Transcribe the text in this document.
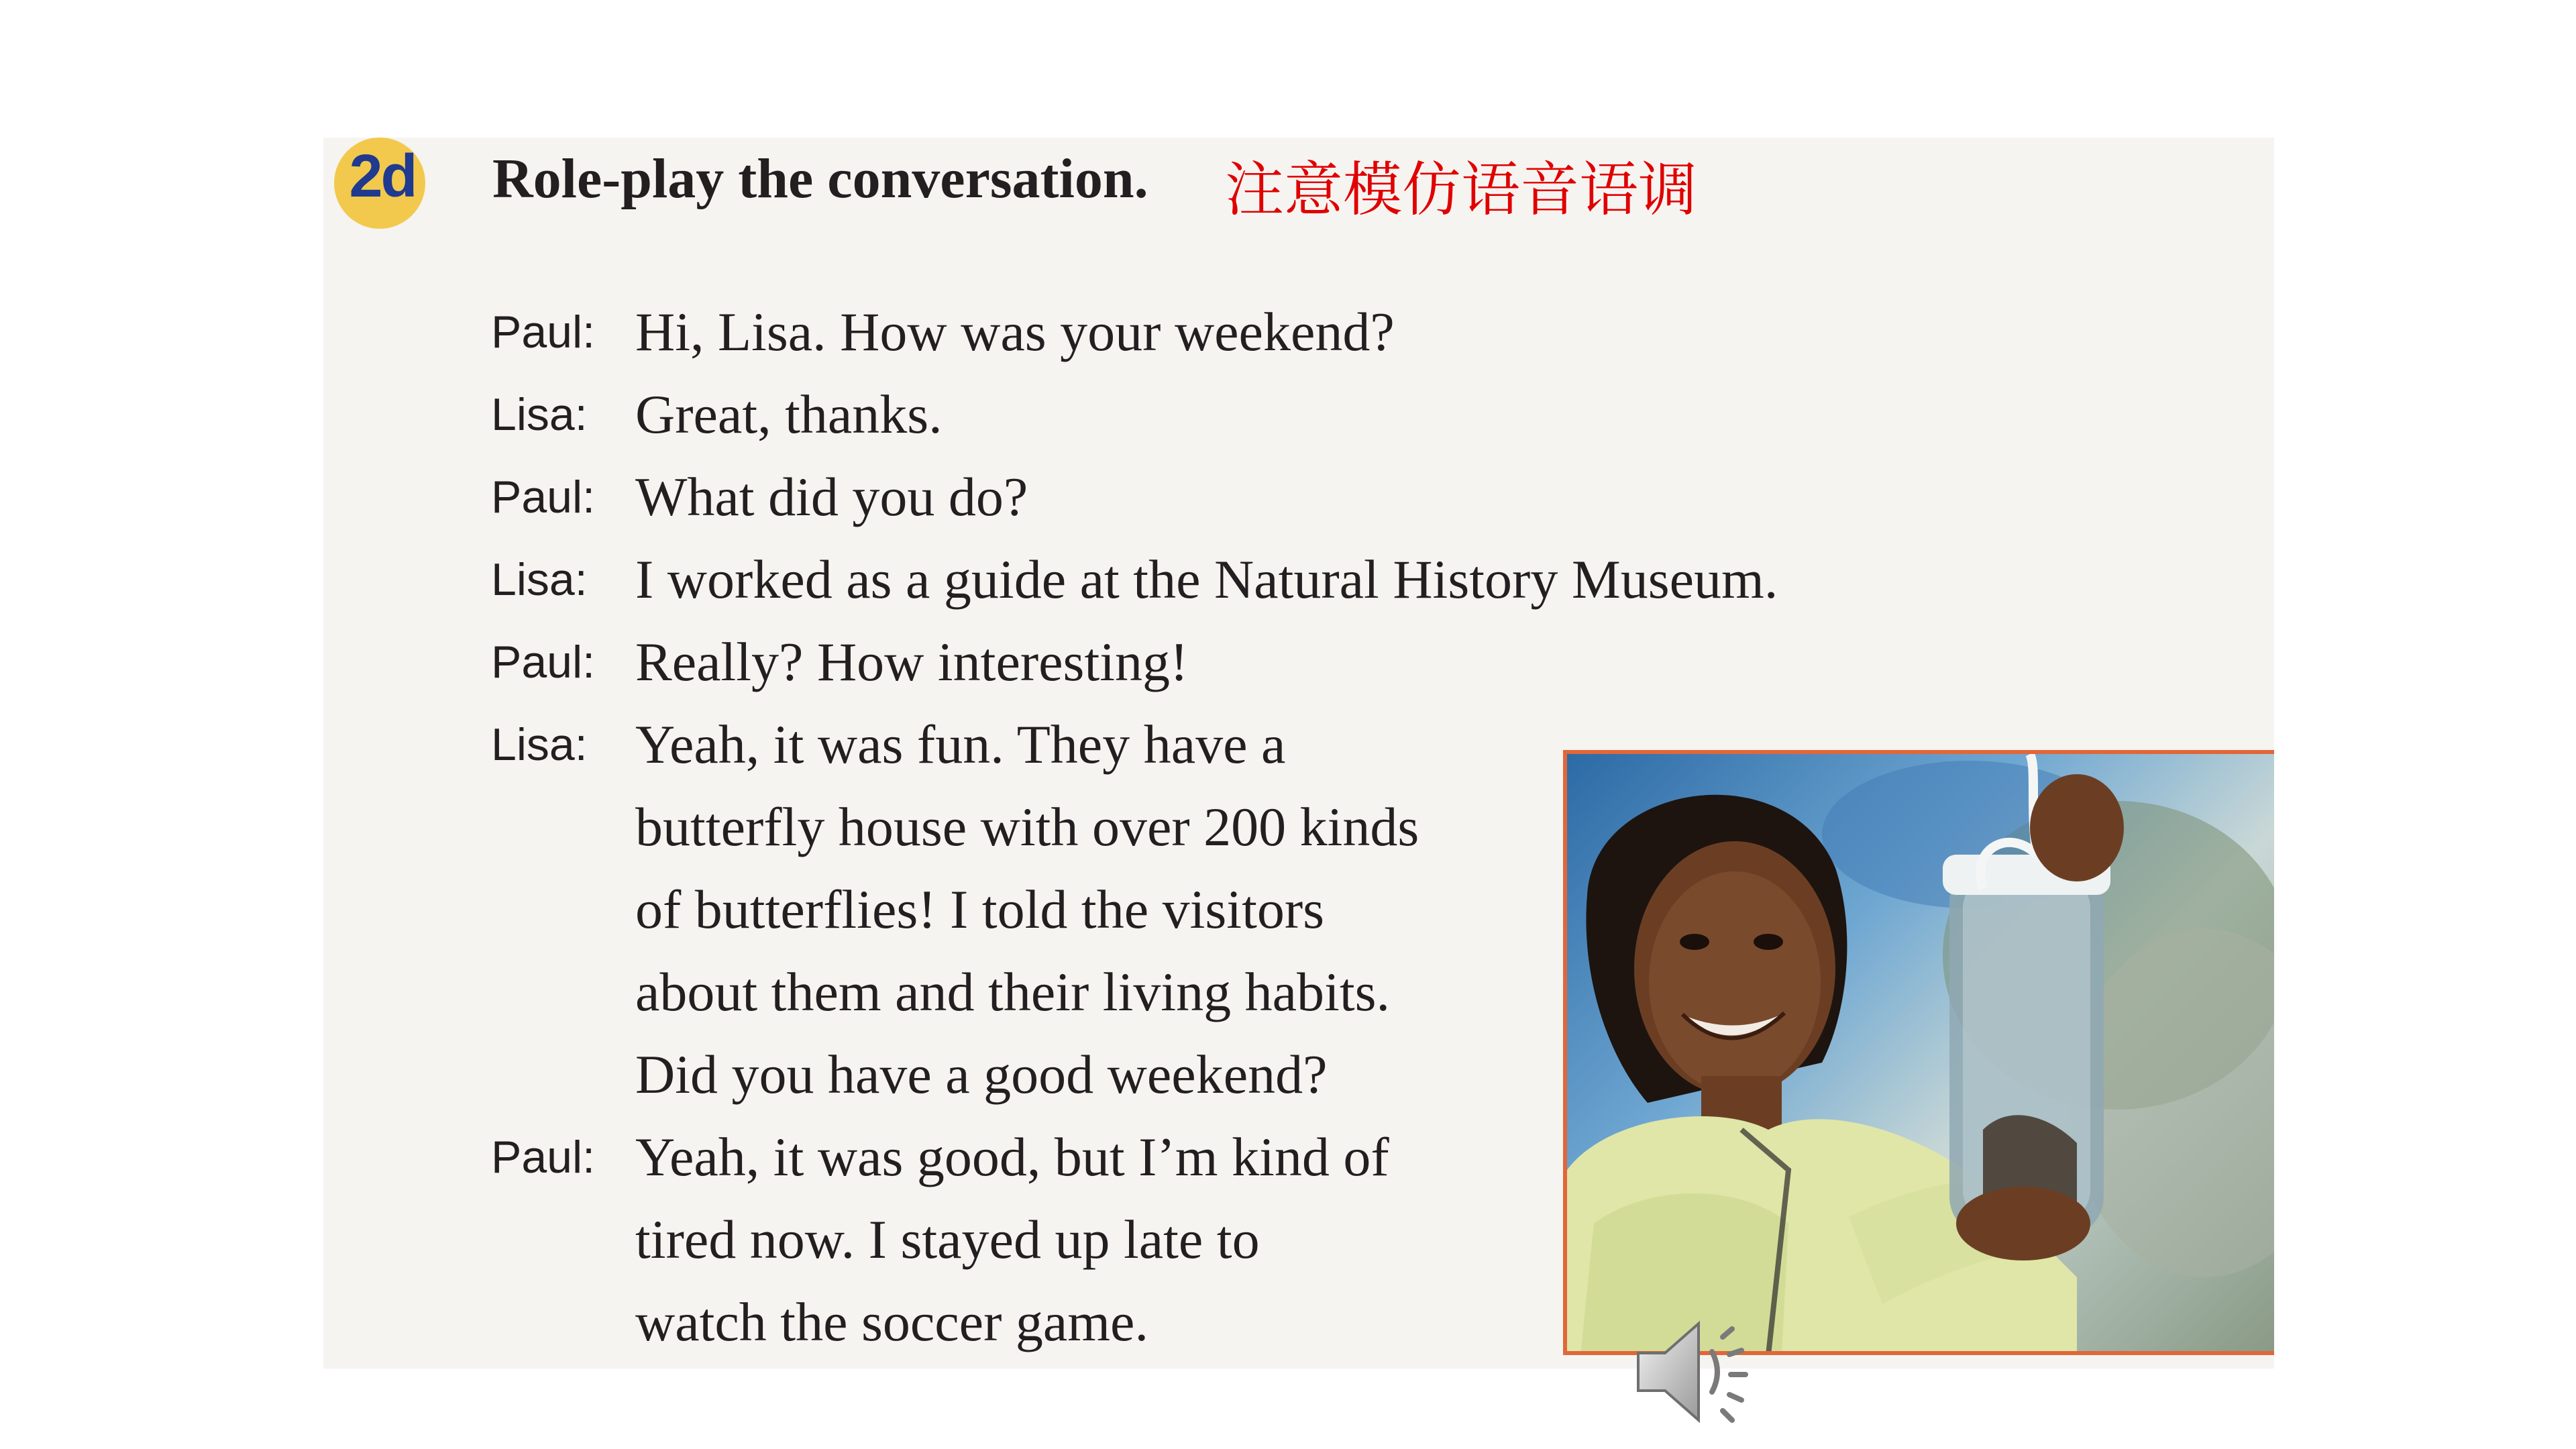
2d Role-play the conversation. 注意模仿语音语调
Paul: Hi, Lisa. How was your weekend?
Lisa: Great, thanks.
Paul: What did you do?
Lisa: I worked as a guide at the Natural History Museum.
Paul: Really? How interesting!
Lisa: Yeah, it was fun. They have a
butterfly house with over 200 kinds
of butterflies! I told the visitors
about them and their living habits.
Did you have a good weekend?
Paul: Yeah, it was good, but I’m kind of
tired now. I stayed up late to
watch the soccer game.
